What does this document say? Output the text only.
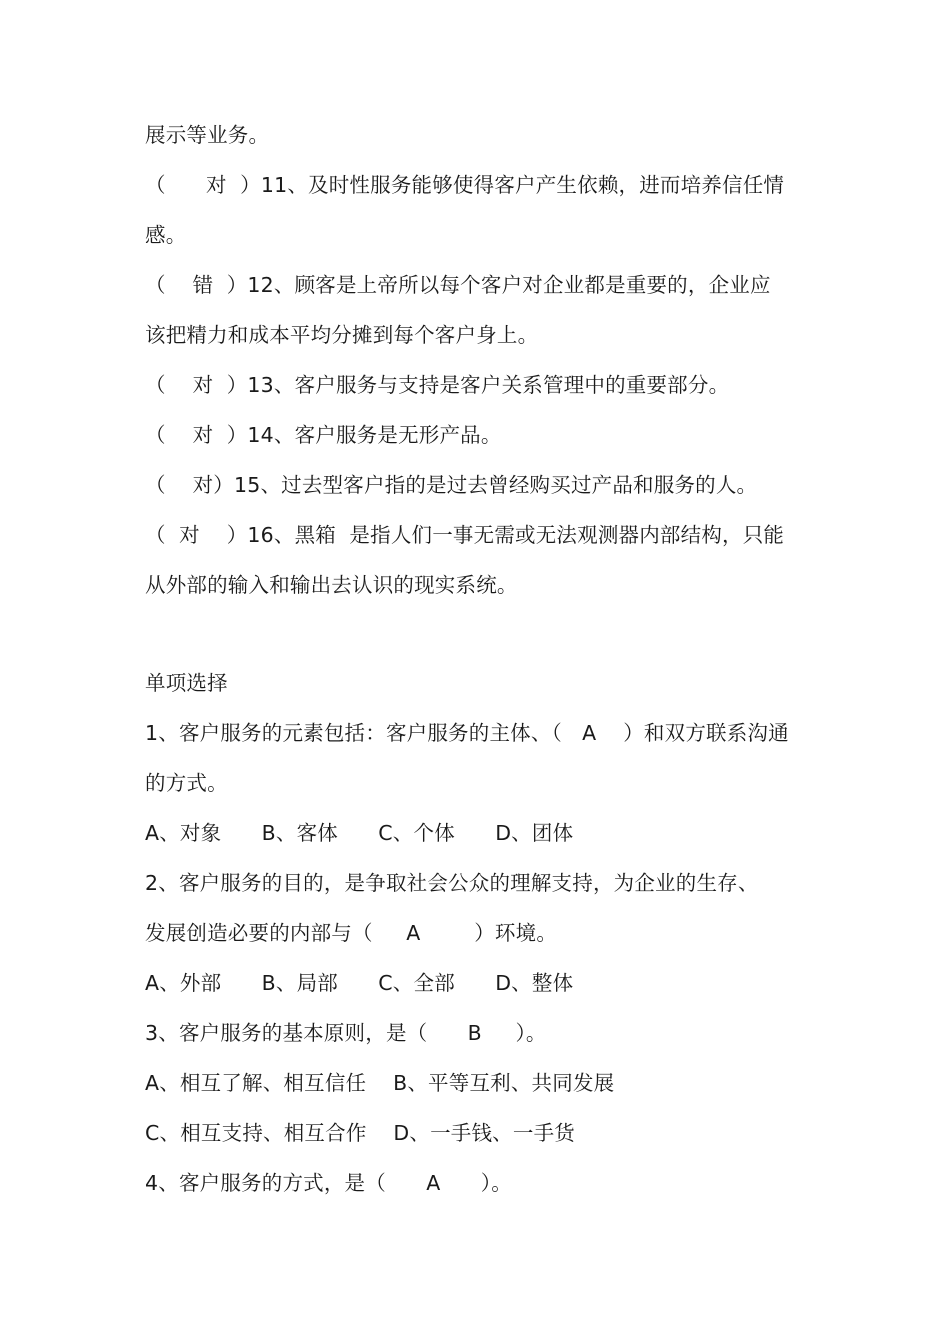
展示等业务。
（      对  ）11、及时性服务能够使得客户产生依赖，进而培养信任情
感。
（    错  ）12、顾客是上帝所以每个客户对企业都是重要的，企业应
该把精力和成本平均分摊到每个客户身上。
（    对  ）13、客户服务与支持是客户关系管理中的重要部分。
（    对  ）14、客户服务是无形产品。
（    对）15、过去型客户指的是过去曾经购买过产品和服务的人。
（  对    ）16、黑箱  是指人们一事无需或无法观测器内部结构，只能
从外部的输入和输出去认识的现实系统。
单项选择
1、客户服务的元素包括：客户服务的主体、（   A    ）和双方联系沟通
的方式。
A、对象      B、客体      C、个体      D、团体
2、客户服务的目的，是争取社会公众的理解支持，为企业的生存、
发展创造必要的内部与（     A        ）环境。
A、外部      B、局部      C、全部      D、整体
3、客户服务的基本原则，是（      B     ）。
A、相互了解、相互信任    B、平等互利、共同发展
C、相互支持、相互合作    D、一手钱、一手货
4、客户服务的方式，是（      A      ）。
